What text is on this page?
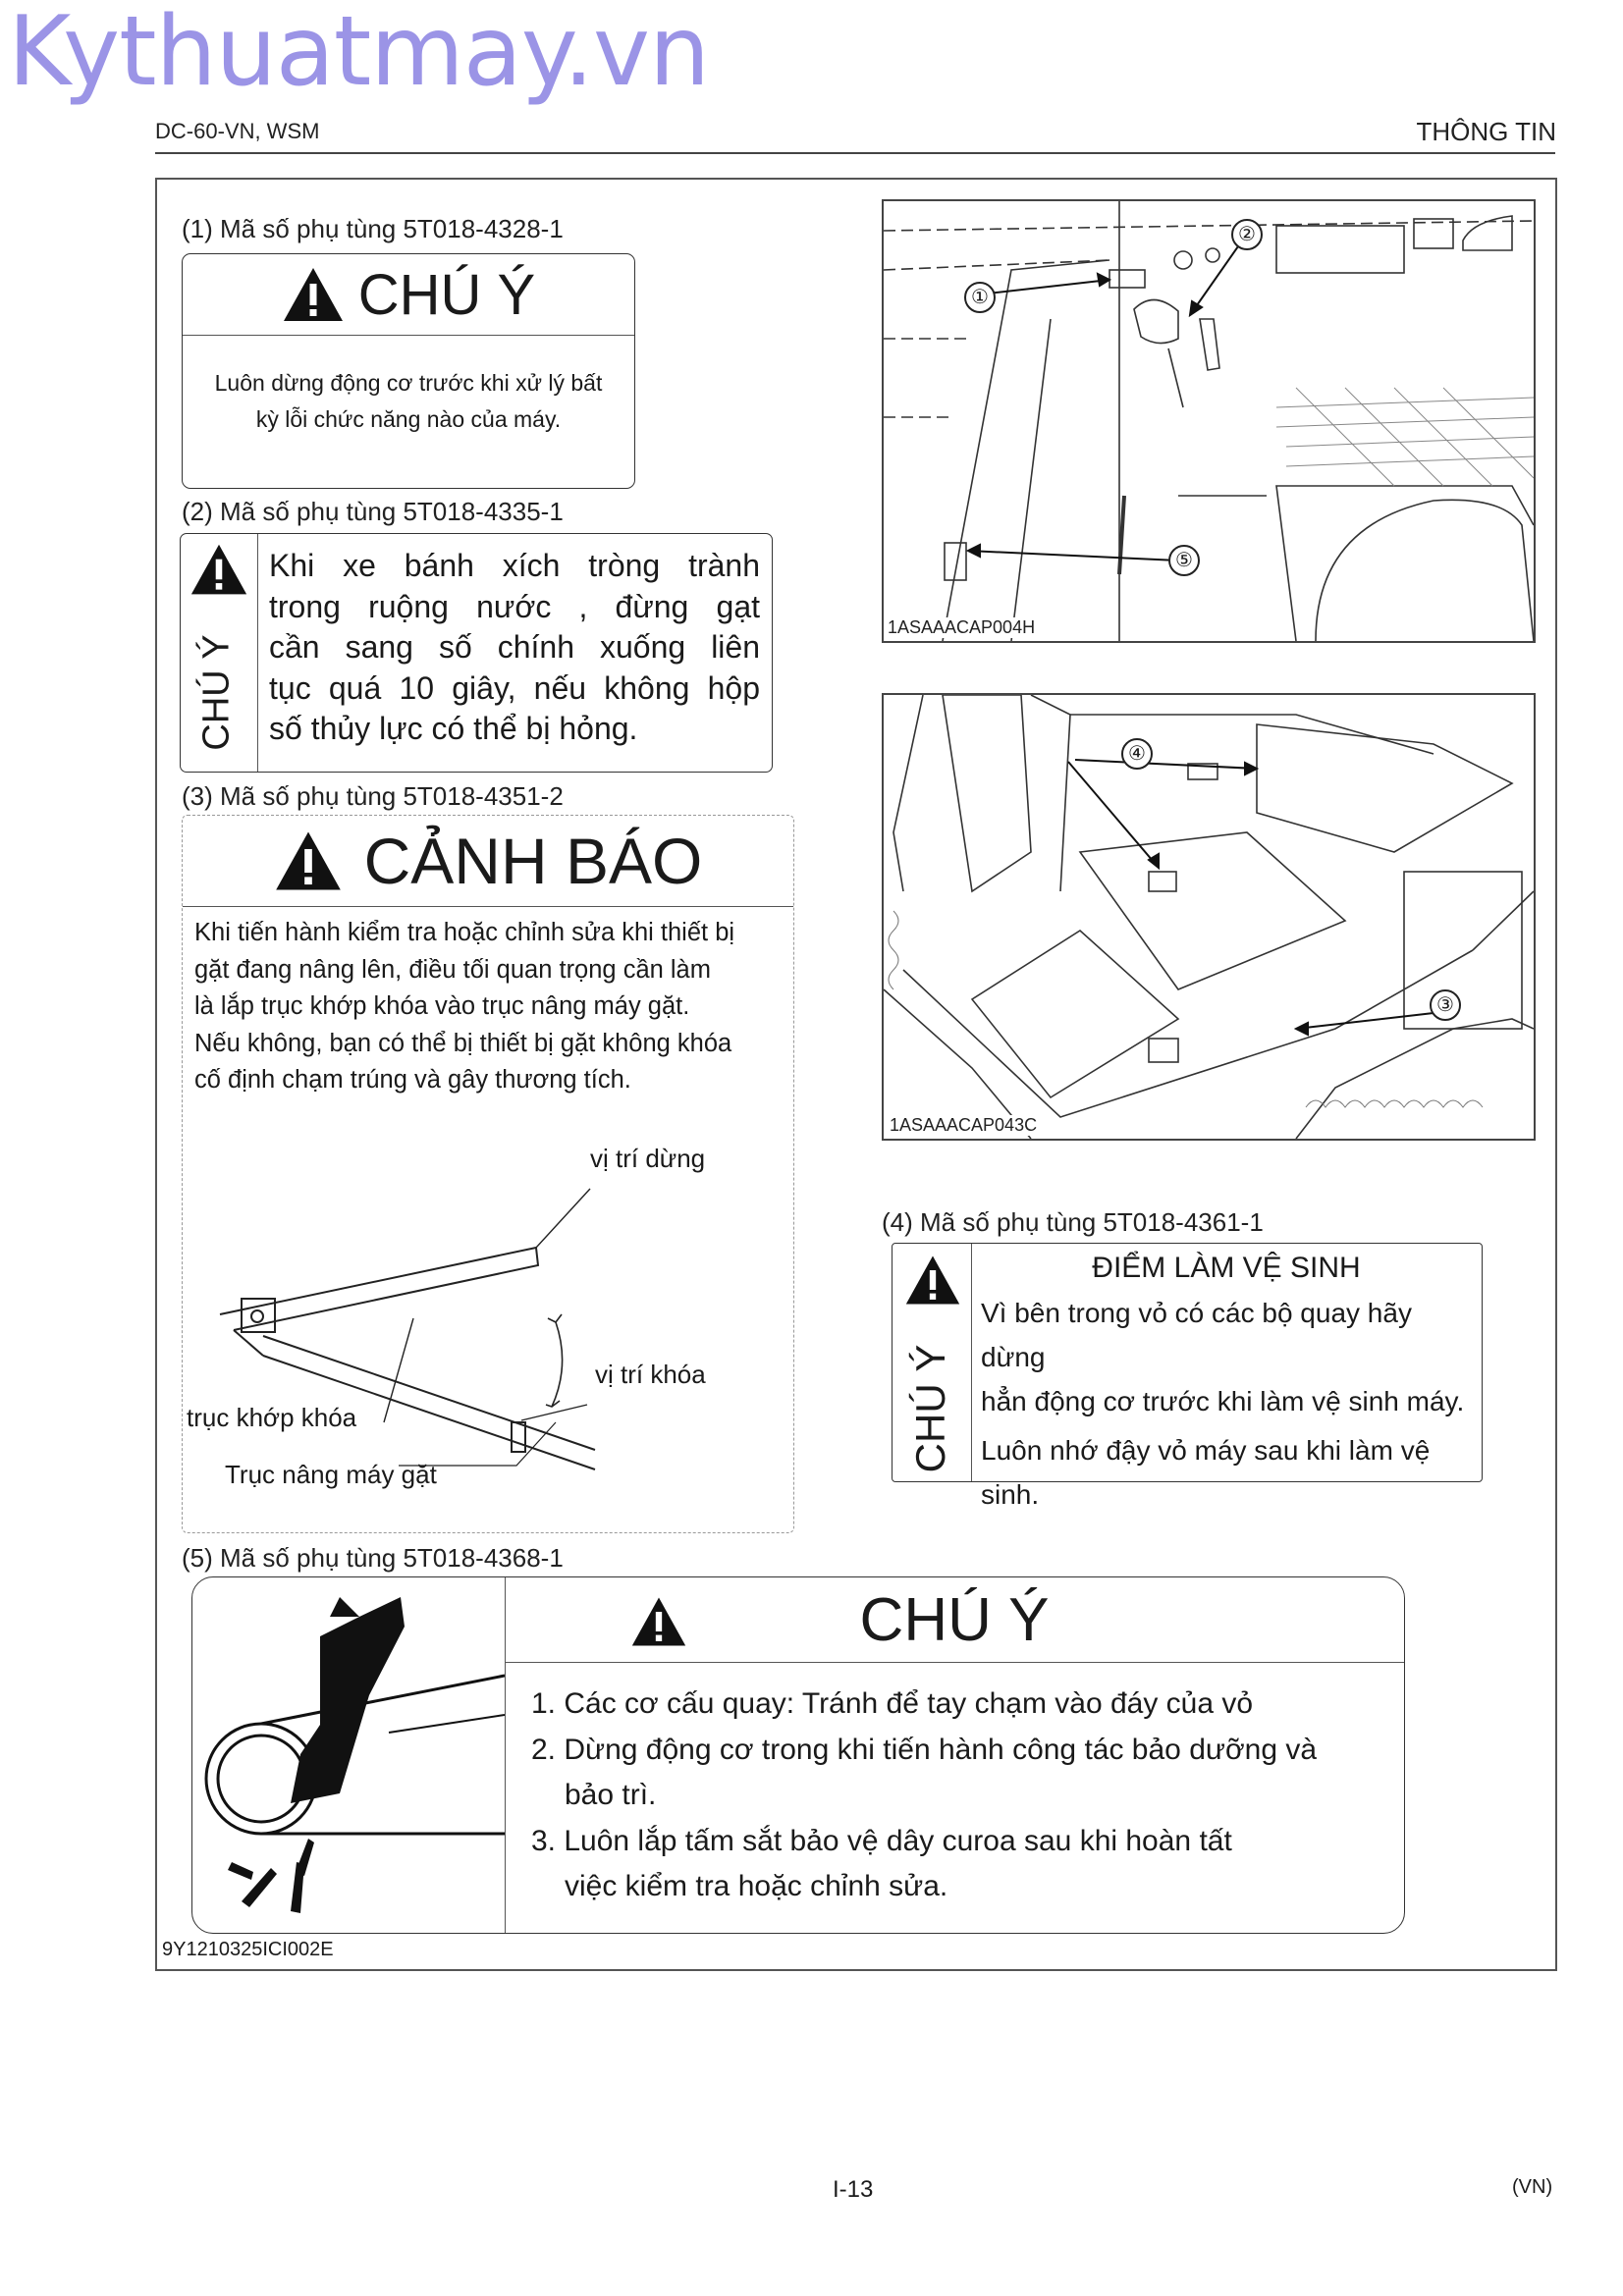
Kythuatmay.vn
DC-60-VN, WSM	THÔNG TIN
(1) Mã số phụ tùng 5T018-4328-1
CHÚ Ý
Luôn dừng động cơ trước khi xử lý bất
kỳ lỗi chức năng nào của máy.
(2) Mã số phụ tùng 5T018-4335-1
CHÚ Ý
Khi xe bánh xích tròng trành
trong ruộng nước , đừng gạt
cần sang số chính xuống liên
tục quá 10 giây, nếu không hộp
số thủy lực có thể bị hỏng.
(3) Mã số phụ tùng 5T018-4351-2
CẢNH BÁO
Khi tiến hành kiểm tra hoặc chỉnh sửa khi thiết bị
gặt đang nâng lên, điều tối quan trọng cần làm
là lắp trục khớp khóa vào trục nâng máy gặt.
Nếu không, bạn có thể bị thiết bị gặt không khóa
cố định chạm trúng và gây thương tích.
vị trí dừng
vị trí khóa
trục khớp khóa
Trục nâng máy gặt
①
②
⑤
1ASAAACAP004H
④
③
1ASAAACAP043C
(4) Mã số phụ tùng 5T018-4361-1
CHÚ Ý
ĐIỂM LÀM VỆ SINH
Vì bên trong vỏ có các bộ quay hãy dừng
hẳn động cơ trước khi làm vệ sinh máy.
Luôn nhớ đậy vỏ máy sau khi làm vệ
sinh.
(5) Mã số phụ tùng 5T018-4368-1
CHÚ Ý
1. Các cơ cấu quay: Tránh để tay chạm vào đáy của vỏ
2. Dừng động cơ trong khi tiến hành công tác bảo dưỡng và
bảo trì.
3. Luôn lắp tấm sắt bảo vệ dây curoa sau khi hoàn tất
việc kiểm tra hoặc chỉnh sửa.
9Y1210325ICI002E
I-13	(VN)
